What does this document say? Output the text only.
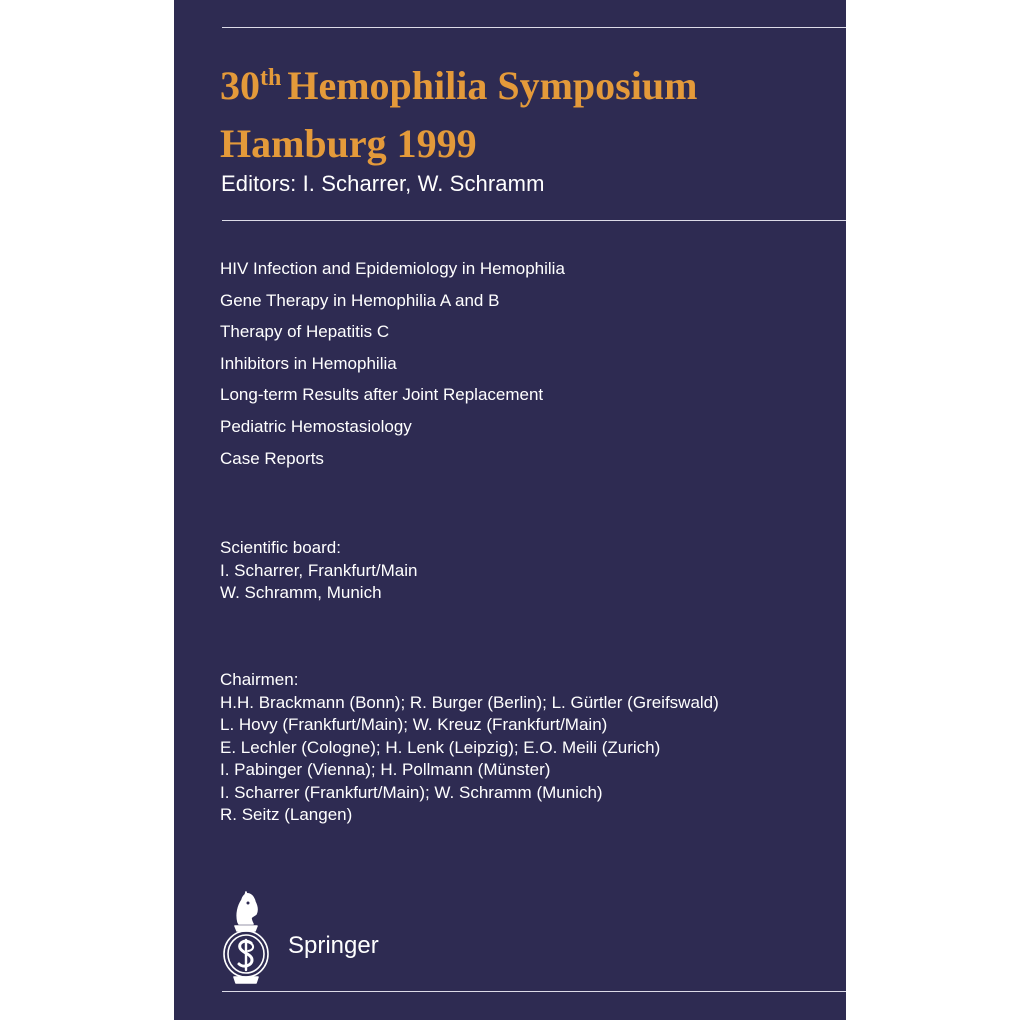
30th Hemophilia Symposium
Hamburg 1999
Editors: I. Scharrer, W. Schramm
HIV Infection and Epidemiology in Hemophilia
Gene Therapy in Hemophilia A and B
Therapy of Hepatitis C
Inhibitors in Hemophilia
Long-term Results after Joint Replacement
Pediatric Hemostasiology
Case Reports
Scientific board:
I. Scharrer, Frankfurt/Main
W. Schramm, Munich
Chairmen:
H.H. Brackmann (Bonn); R. Burger (Berlin); L. Gürtler (Greifswald)
L. Hovy (Frankfurt/Main); W. Kreuz (Frankfurt/Main)
E. Lechler (Cologne); H. Lenk (Leipzig); E.O. Meili (Zurich)
I. Pabinger (Vienna); H. Pollmann (Münster)
I. Scharrer (Frankfurt/Main); W. Schramm (Munich)
R. Seitz (Langen)
Springer
